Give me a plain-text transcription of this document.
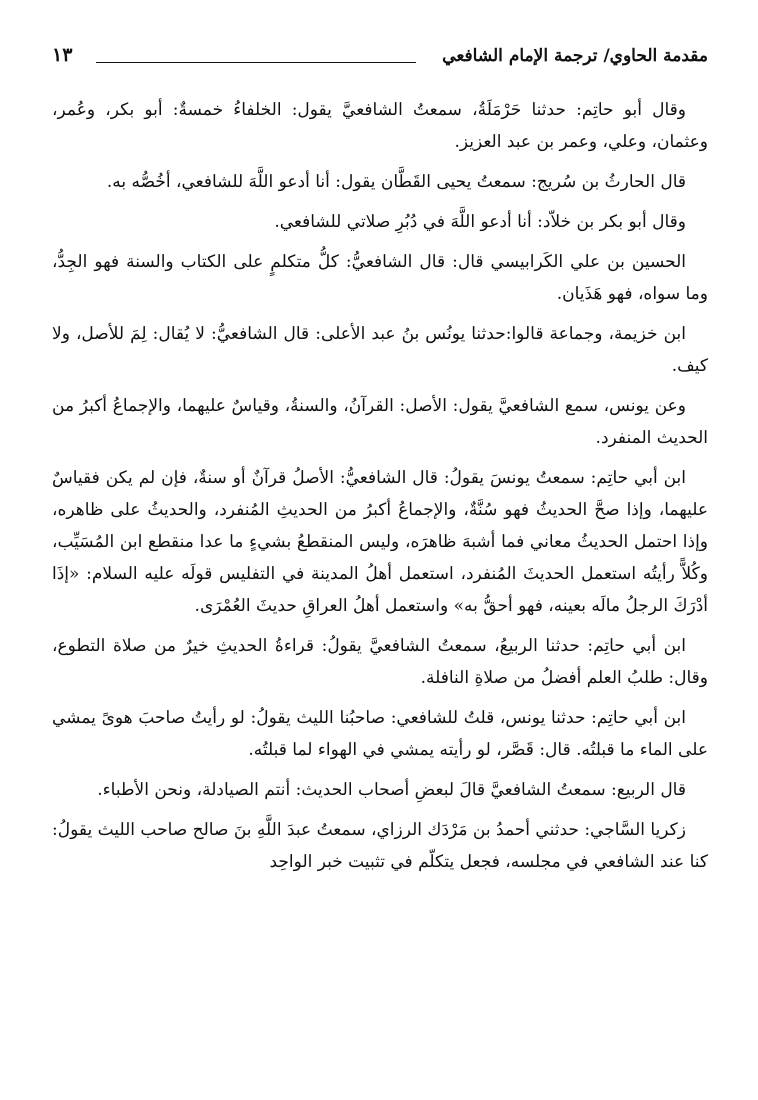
مقدمة الحاوي/ ترجمة الإمام الشافعي
١٣

وقال أبو حاتِم: حدثنا حَرْمَلَةُ، سمعتُ الشافعيَّ يقول: الخلفاءُ خمسةٌ: أبو بكر، وعُمر، وعثمان، وعلي، وعمر بن عبد العزيز.

قال الحارثُ بن سُريج: سمعتُ يحيى القَطَّان يقول: أنا أدعو اللَّهَ للشافعي، أخُصُّه به.

وقال أبو بكر بن خلاّد: أنا أدعو اللَّهَ في دُبُرِ صلاتي للشافعي.

الحسين بن علي الكَرابيسي قال: قال الشافعيُّ: كلُّ متكلمٍ على الكتاب والسنة فهو الجِدُّ، وما سواه، فهو هَذَيان.

ابن خزيمة، وجماعة قالوا:حدثنا يونُس بنُ عبد الأعلى: قال الشافعيُّ: لا يُقال: لِمَ للأصل، ولا كيف.

وعن يونس، سمع الشافعيَّ يقول: الأصل: القرآنُ، والسنةُ، وقياسٌ عليهما، والإجماعُ أكبرُ من الحديث المنفرد.

ابن أبي حاتِم: سمعتُ يونسَ يقولُ: قال الشافعيُّ: الأصلُ قرآنٌ أو سنةٌ، فإن لم يكن فقياسٌ عليهما، وإذا صحَّ الحديثُ فهو سُنَّةٌ، والإجماعُ أكبرُ من الحديثِ المُنفرد، والحديثُ على ظاهره، وإذا احتمل الحديثُ معاني فما أشبهَ ظاهرَه، وليس المنقطعُ بشيءٍ ما عدا منقطع ابن المُسَيِّب، وكُلاًّ رأيتُه استعمل الحديثَ المُنفرد، استعمل أهلُ المدينة في التفليس قولَه عليه السلام: «إذَا أدْرَكَ الرجلُ مالَه بعينه، فهو أحقُّ به» واستعمل أهلُ العراقِ حديثَ العُمْرَى.

ابن أبي حاتِم: حدثنا الربيعُ، سمعتُ الشافعيَّ يقولُ: قراءةُ الحديثِ خيرٌ من صلاة التطوع، وقال: طلبُ العلم أفضلُ من صلاةِ النافلة.

ابن أبي حاتِم: حدثنا يونس، قلتُ للشافعي: صاحبُنا الليث يقولُ: لو رأيتُ صاحبَ هوىً يمشي على الماء ما قبلتُه. قال: قَصَّر، لو رأيته يمشي في الهواء لما قبلتُه.

قال الربيع: سمعتُ الشافعيَّ قالَ لبعضِ أصحاب الحديث: أنتم الصيادلة، ونحن الأطباء.

زكريا السَّاجي: حدثني أحمدُ بن مَرْدَك الرزاي، سمعتُ عبدَ اللَّهِ بنَ صالح صاحب الليث يقولُ: كنا عند الشافعي في مجلسه، فجعل يتكلّم في تثبيت خبر الواحِد
